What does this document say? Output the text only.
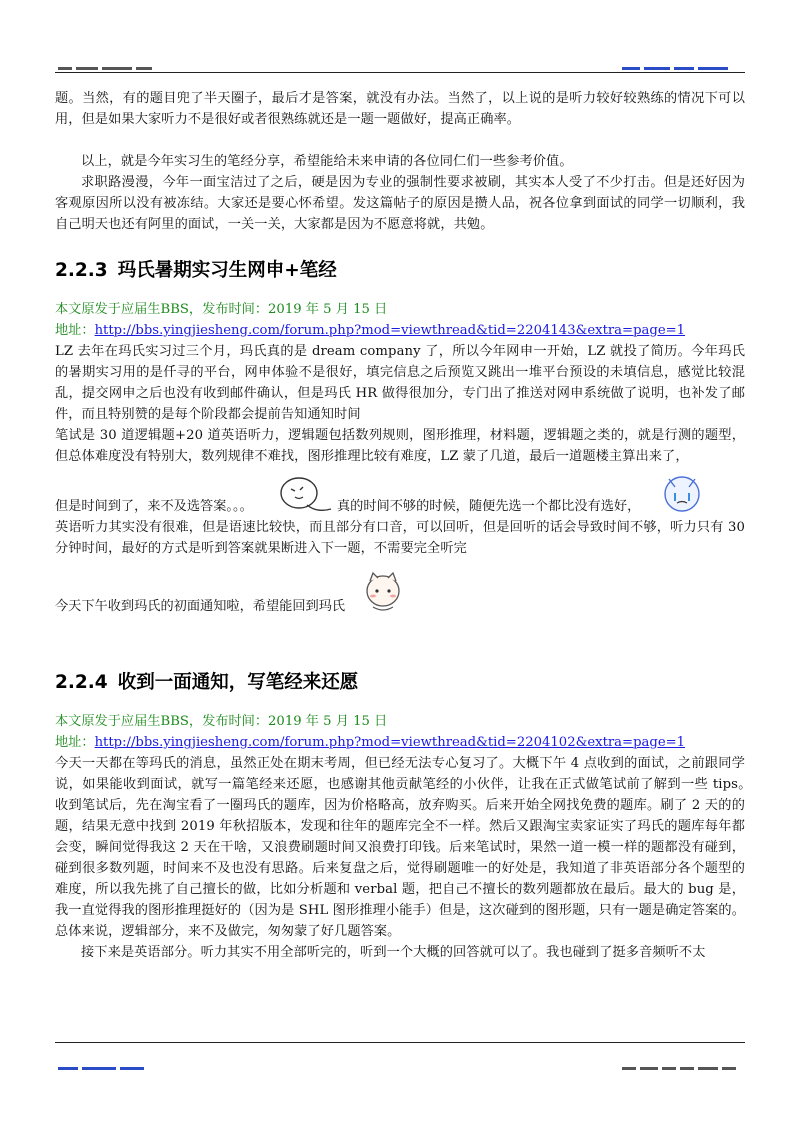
题。当然，有的题目兜了半天圈子，最后才是答案，就没有办法。当然了，以上说的是听力较好较熟练的情况下可以用，但是如果大家听力不是很好或者很熟练就还是一题一题做好，提高正确率。

以上，就是今年实习生的笔经分享，希望能给未来申请的各位同仁们一些参考价值。

求职路漫漫，今年一面宝洁过了之后，硬是因为专业的强制性要求被刷，其实本人受了不少打击。但是还好因为客观原因所以没有被冻结。大家还是要心怀希望。发这篇帖子的原因是攒人品，祝各位拿到面试的同学一切顺利，我自己明天也还有阿里的面试，一关一关，大家都是因为不愿意将就，共勉。

2.2.3 玛氏暑期实习生网申+笔经
本文原发于应届生BBS，发布时间：2019 年 5 月 15 日
地址：http://bbs.yingjiesheng.com/forum.php?mod=viewthread&tid=2204143&extra=page=1

LZ 去年在玛氏实习过三个月，玛氏真的是 dream company 了，所以今年网申一开始，LZ 就投了简历。今年玛氏的暑期实习用的是仟寻的平台，网申体验不是很好，填完信息之后预览又跳出一堆平台预设的未填信息，感觉比较混乱，提交网申之后也没有收到邮件确认，但是玛氏 HR 做得很加分，专门出了推送对网申系统做了说明，也补发了邮件，而且特别赞的是每个阶段都会提前告知通知时间

笔试是 30 道逻辑题+20 道英语听力，逻辑题包括数列规则，图形推理，材料题，逻辑题之类的，就是行测的题型，但总体难度没有特别大，数列规律不难找，图形推理比较有难度，LZ 蒙了几道，最后一道题楼主算出来了，

但是时间到了，来不及选答案。。。	真的时间不够的时候，随便先选一个都比没有选好，

英语听力其实没有很难，但是语速比较快，而且部分有口音，可以回听，但是回听的话会导致时间不够，听力只有 30 分钟时间，最好的方式是听到答案就果断进入下一题，不需要完全听完

今天下午收到玛氏的初面通知啦，希望能回到玛氏
2.2.4 收到一面通知，写笔经来还愿
本文原发于应届生BBS，发布时间：2019 年 5 月 15 日
地址：http://bbs.yingjiesheng.com/forum.php?mod=viewthread&tid=2204102&extra=page=1

今天一天都在等玛氏的消息，虽然正处在期末考周，但已经无法专心复习了。大概下午 4 点收到的面试，之前跟同学说，如果能收到面试，就写一篇笔经来还愿，也感谢其他贡献笔经的小伙伴，让我在正式做笔试前了解到一些 tips。　　收到笔试后，先在淘宝看了一圈玛氏的题库，因为价格略高，放弃购买。后来开始全网找免费的题库。刷了 2 天的的题，结果无意中找到 2019 年秋招版本，发现和往年的题库完全不一样。然后又跟淘宝卖家证实了玛氏的题库每年都会变，瞬间觉得我这 2 天在干啥，又浪费刷题时间又浪费打印钱。后来笔试时，果然一道一模一样的题都没有碰到，碰到很多数列题，时间来不及也没有思路。后来复盘之后，觉得刷题唯一的好处是，我知道了非英语部分各个题型的难度，所以我先挑了自己擅长的做，比如分析题和 verbal 题，把自己不擅长的数列题都放在最后。最大的 bug 是，我一直觉得我的图形推理挺好的（因为是 SHL 图形推理小能手）但是，这次碰到的图形题，只有一题是确定答案的。总体来说，逻辑部分，来不及做完，匆匆蒙了好几题答案。

接下来是英语部分。听力其实不用全部听完的，听到一个大概的回答就可以了。我也碰到了挺多音频听不太
